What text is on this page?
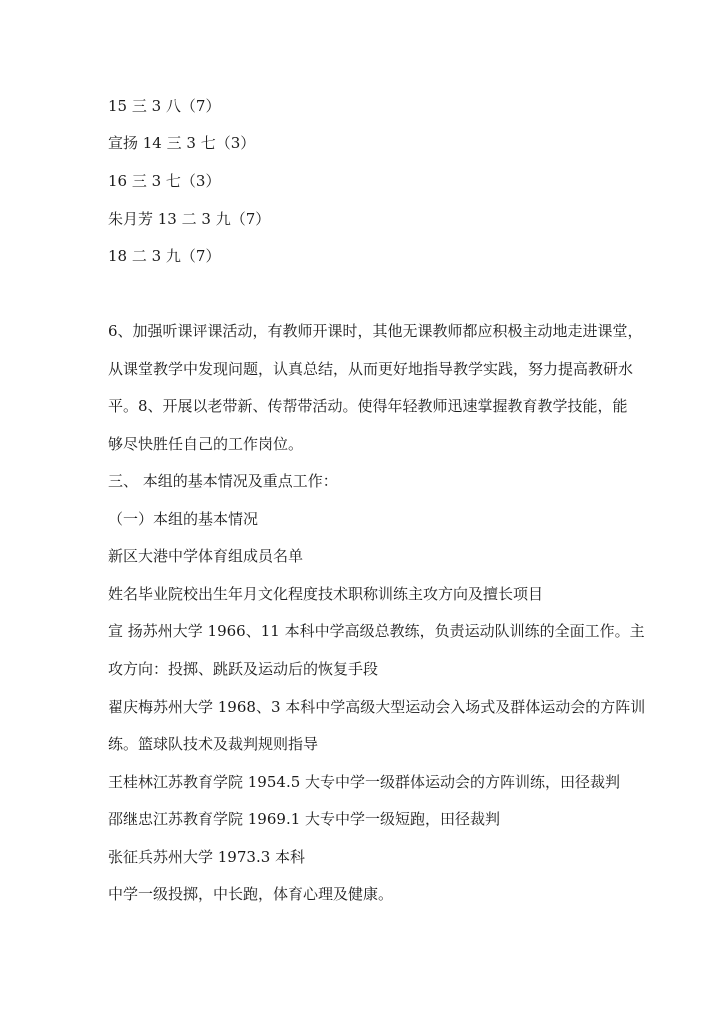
15 三 3 八（7）
宣扬 14 三 3 七（3）
16 三 3 七（3）
朱月芳 13 二 3 九（7）
18 二 3 九（7）
6、加强听课评课活动，有教师开课时，其他无课教师都应积极主动地走进课堂，
从课堂教学中发现问题，认真总结，从而更好地指导教学实践，努力提高教研水
平。8、开展以老带新、传帮带活动。使得年轻教师迅速掌握教育教学技能，能
够尽快胜任自己的工作岗位。
三、 本组的基本情况及重点工作：
（一）本组的基本情况
新区大港中学体育组成员名单
姓名毕业院校出生年月文化程度技术职称训练主攻方向及擅长项目
宣 扬苏州大学 1966、11 本科中学高级总教练，负责运动队训练的全面工作。主
攻方向：投掷、跳跃及运动后的恢复手段
翟庆梅苏州大学 1968、3 本科中学高级大型运动会入场式及群体运动会的方阵训
练。篮球队技术及裁判规则指导
王桂林江苏教育学院 1954.5 大专中学一级群体运动会的方阵训练，田径裁判
邵继忠江苏教育学院 1969.1 大专中学一级短跑，田径裁判
张征兵苏州大学 1973.3 本科
中学一级投掷，中长跑，体育心理及健康。
